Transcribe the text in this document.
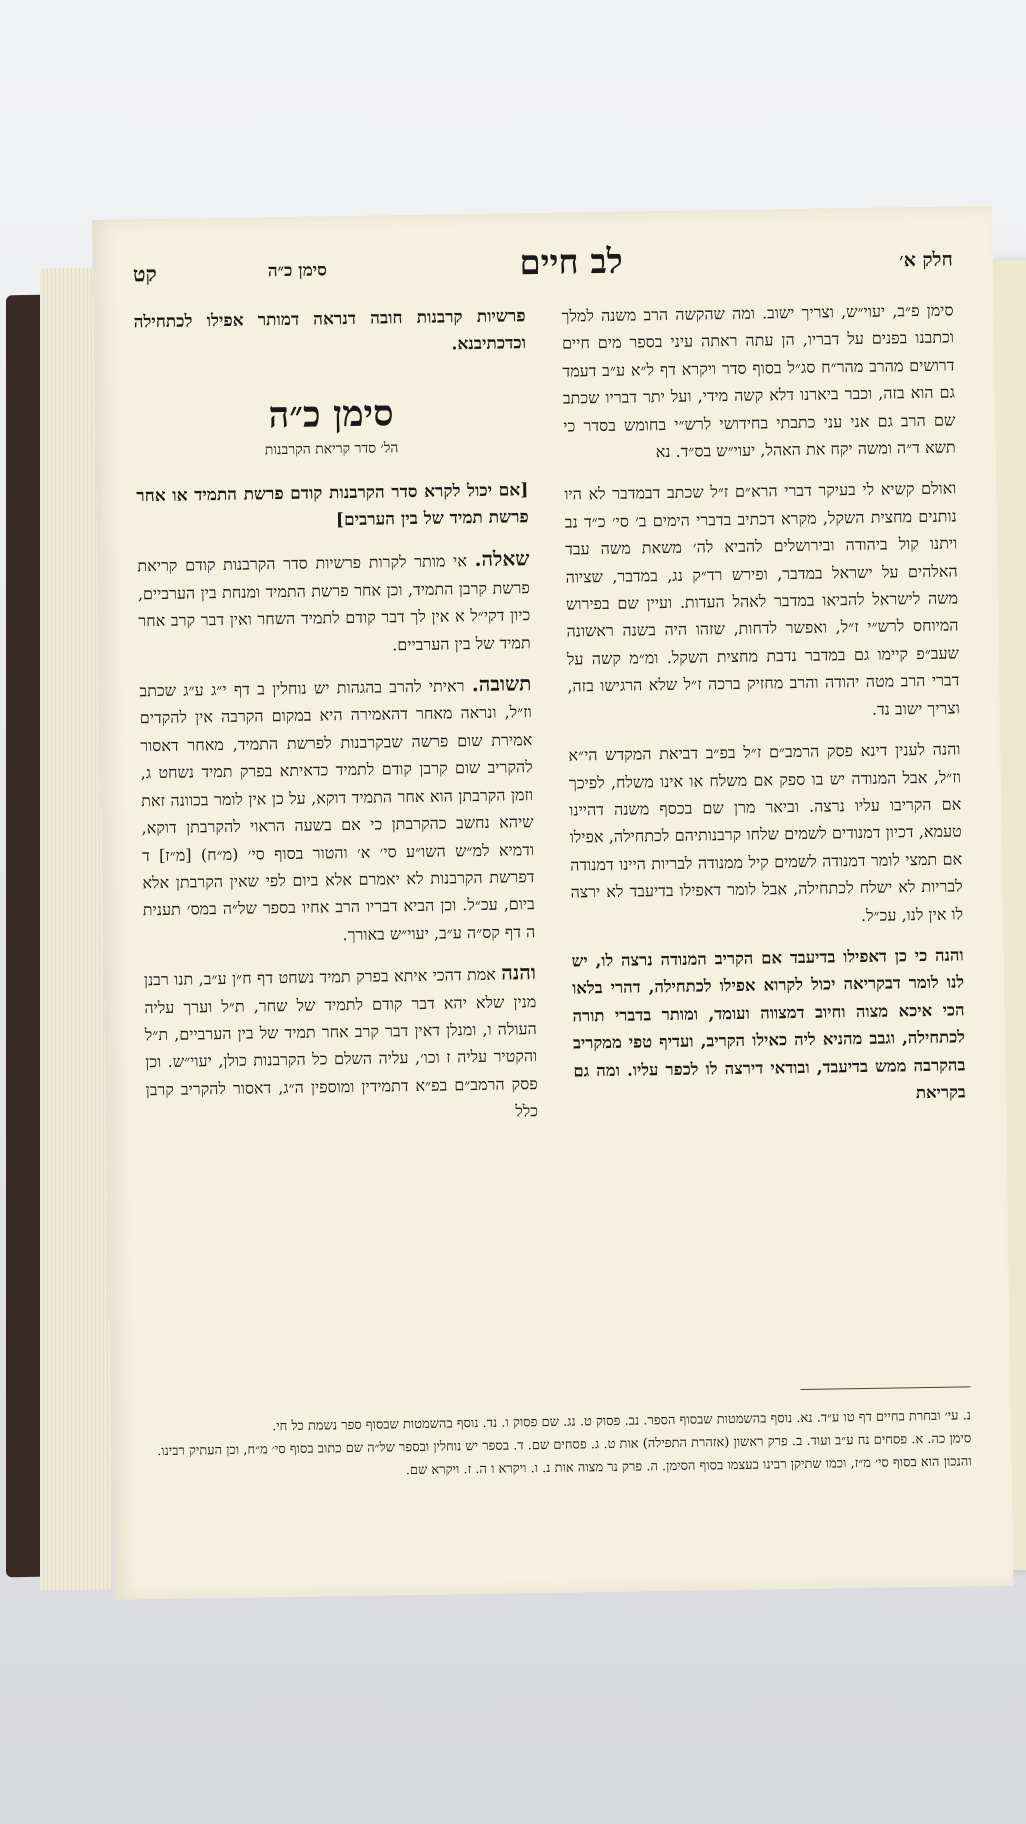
חלק א׳
לב חיים
סימן כ״ה
קט

סימן פ״ב, יעוי״ש, וצריך ישוב. ומה שהקשה הרב משנה למלך וכתבנו בפנים על דבריו, הן עתה ראתה עיני בספר מים חיים דרושים מהרב מהר״ח סג״ל בסוף סדר ויקרא דף ל״א ע״ב דעמד גם הוא בזה, וכבר ביארנו דלא קשה מידי, ועל יתר דבריו שכתב שם הרב גם אני עני כתבתי בחידושי לרש״י בחומש בסדר כי תשא ד״ה ומשה יקח את האהל, יעוי״ש בס״ד. נא

ואולם קשיא לי בעיקר דברי הרא״ם ז״ל שכתב דבמדבר לא היו נותנים מחצית השקל, מקרא דכתיב בדברי הימים ב׳ סי׳ כ״ד נב ויתנו קול ביהודה ובירושלים להביא לה׳ משאת משה עבד האלהים על ישראל במדבר, ופירש רד״ק נג, במדבר, שציוה משה לישראל להביאו במדבר לאהל העדות. ועיין שם בפירוש המיוחס לרש״י ז״ל, ואפשר לדחות, שזהו היה בשנה ראשונה שעב״פ קיימו גם במדבר נדבת מחצית השקל. ומ״מ קשה על דברי הרב מטה יהודה והרב מחזיק ברכה ז״ל שלא הרגישו בזה, וצריך ישוב נד.

והנה לענין דינא פסק הרמב״ם ז״ל בפ״ב דביאת המקדש הי״א וז״ל, אבל המנודה יש בו ספק אם משלח או אינו משלח, לפיכך אם הקריבו עליו נרצה. וביאר מרן שם בכסף משנה דהיינו טעמא, דכיון דמנודים לשמים שלחו קרבנותיהם לכתחילה, אפילו אם תמצי לומר דמנודה לשמים קיל ממנודה לבריות היינו דמנודה לבריות לא ישלח לכתחילה, אבל לומר דאפילו בדיעבד לא ירצה לו אין לנו, עכ״ל.

והנה כי כן דאפילו בדיעבד אם הקריב המנודה נרצה לו, יש לנו לומר דבקריאה יכול לקרוא אפילו לכתחילה, דהרי בלאו הכי איכא מצוה וחיוב דמצווה ועומד, ומותר בדברי תורה לכתחילה, וגבב מהניא ליה כאילו הקריב, ועדיף טפי ממקריב בהקרבה ממש בדיעבד, ובודאי דירצה לו לכפר עליו. ומה גם בקריאת

פרשיות קרבנות חובה דנראה דמותר אפילו לכתחילה וכדכתיבנא.
סימן כ״ה
הל׳ סדר קריאת הקרבנות
[אם יכול לקרא סדר הקרבנות קודם פרשת התמיד או אחר פרשת תמיד של בין הערבים]

שאלה. אי מותר לקרות פרשיות סדר הקרבנות קודם קריאת פרשת קרבן התמיד, וכן אחר פרשת התמיד ומנחת בין הערביים, כיון דקי״ל א אין לך דבר קודם לתמיד השחר ואין דבר קרב אחר תמיד של בין הערביים.

תשובה. ראיתי להרב בהגהות יש נוחלין ב דף י״ג ע״ג שכתב וז״ל, ונראה מאחר דהאמירה היא במקום הקרבה אין להקדים אמירת שום פרשה שבקרבנות לפרשת התמיד, מאחר דאסור להקריב שום קרבן קודם לתמיד כדאיתא בפרק תמיד נשחט ג, וזמן הקרבתן הוא אחר התמיד דוקא, על כן אין לומר בכוונה זאת שיהא נחשב כהקרבתן כי אם בשעה הראוי להקרבתן דוקא, ודמיא למ״ש השו״ע סי׳ א׳ והטור בסוף סי׳ (מ״ח) [מ״ז] ד דפרשת הקרבנות לא יאמרם אלא ביום לפי שאין הקרבתן אלא ביום, עכ״ל. וכן הביא דבריו הרב אחיו בספר של״ה במס׳ תענית ה דף קס״ה ע״ב, יעוי״ש באורך.

והנה אמת דהכי איתא בפרק תמיד נשחט דף ח״ן ע״ב, תנו רבנן מנין שלא יהא דבר קודם לתמיד של שחר, ת״ל וערך עליה העולה ו, ומנלן דאין דבר קרב אחר תמיד של בין הערביים, ת״ל והקטיר עליה ז וכו׳, עליה השלם כל הקרבנות כולן, יעוי״ש. וכן פסק הרמב״ם בפ״א דתמידין ומוספין ה״ג, דאסור להקריב קרבן כלל

נ. עי׳ ובחרת בחיים דף טו ע״ד. נא. נוסף בהשמטות שבסוף הספר. נב. פסוק ט. נג. שם פסוק ו. נד. נוסף בהשמטות שבסוף ספר נשמת כל חי.

סימן כה. א. פסחים נח ע״ב ועוד. ב. פרק ראשון (אזהרת התפילה) אות ט. ג. פסחים שם. ד. בספר יש נוחלין ובספר של״ה שם כתוב בסוף סי׳ מ״ח, וכן העתיק רבינו. והנכון הוא בסוף סי׳ מ״ז, וכמו שתיקן רבינו בעצמו בסוף הסימן. ה. פרק נר מצוה אות נ. ו. ויקרא ו ה. ז. ויקרא שם.
